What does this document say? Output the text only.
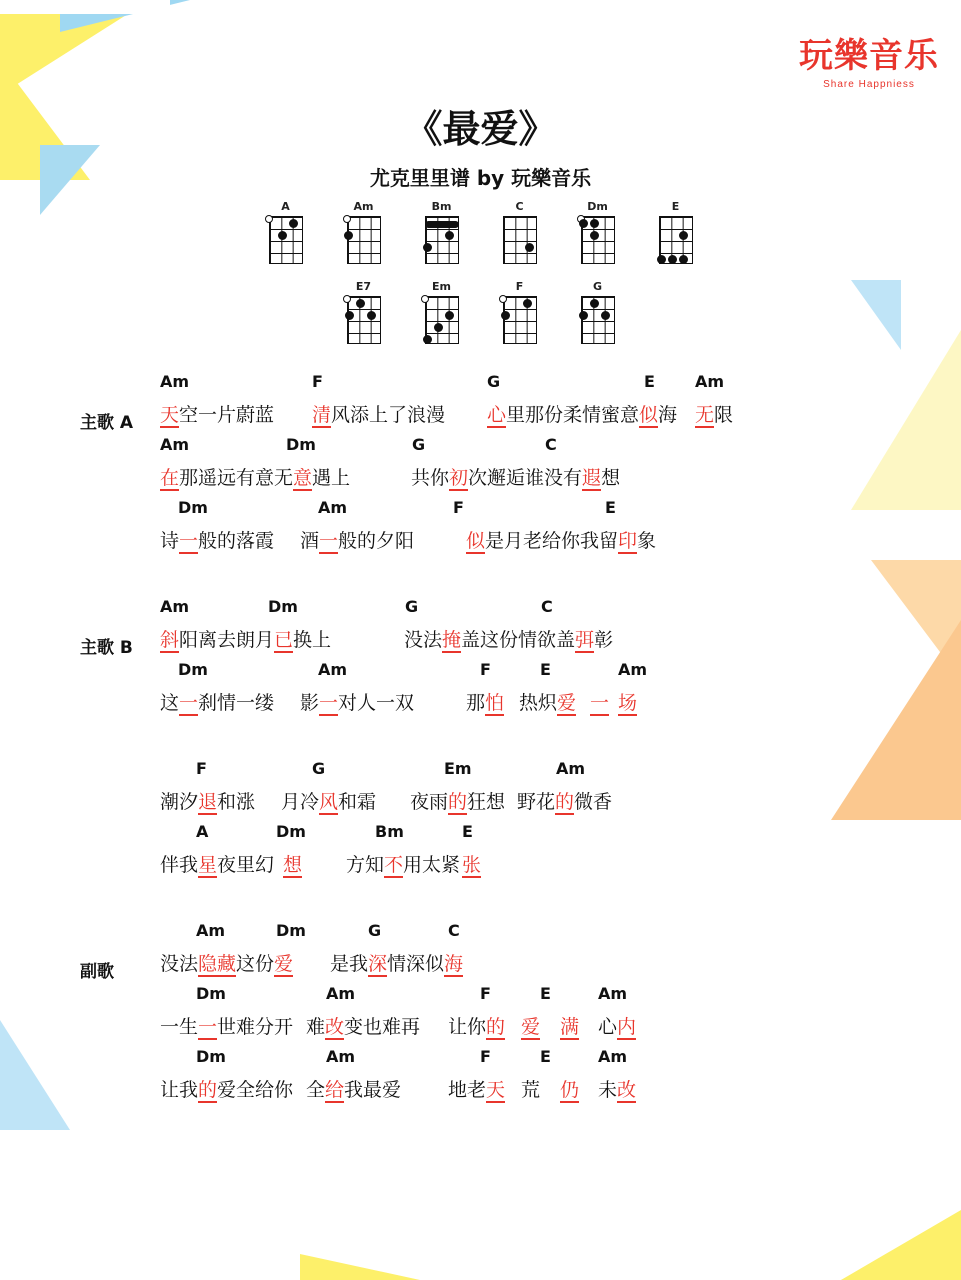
玩樂音乐
Share Happniess
《最爱》
尤克里里谱 by 玩樂音乐
A	Am	Bm	C	Dm	E
E7	Em	F	G
主歌 A
Am	F	G	E	Am
天空一片蔚蓝 清风添上了浪漫 心里那份柔情蜜意似海 无限
Am	Dm	G	C
在那遥远有意无意遇上	共你初次邂逅谁没有遐想
Dm	Am	F	E
诗一般的落霞 酒一般的夕阳	似是月老给你我留印象
主歌 B
Am	Dm	G	C
斜阳离去朗月已换上	没法掩盖这份情欲盖弭彰
Dm	Am	F	E	Am
这一刹情一缕 影一对人一双	那怕 热炽爱 一 场
F	G	Em	Am
潮汐退和涨 月冷风和霜 夜雨的狂想 野花的微香
A	Dm	Bm	E
伴我星夜里幻 想 方知不用太紧 张
副歌
Am	Dm	G	C
没法隐藏这份爱 是我深情深似海
Dm	Am	F	E	Am
一生一世难分开 难改变也难再 让你的 爱 满 心内
Dm	Am	F	E	Am
让我的爱全给你 全给我最爱 地老天 荒 仍 未改
